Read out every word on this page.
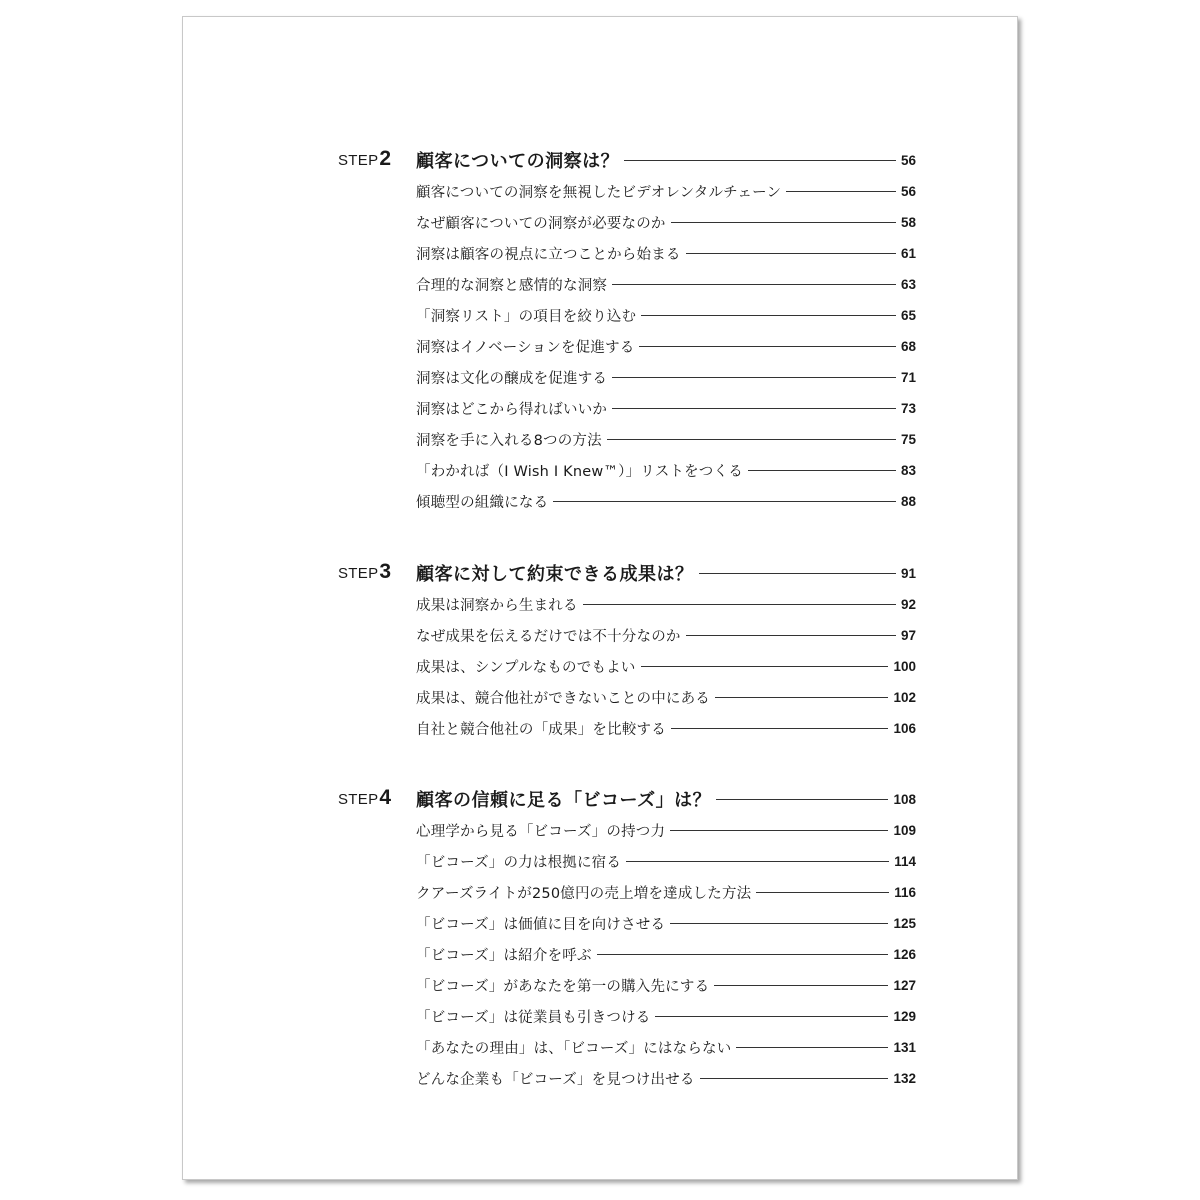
STEP 2 顧客についての洞察は？	56
顧客についての洞察を無視したビデオレンタルチェーン	56
なぜ顧客についての洞察が必要なのか	58
洞察は顧客の視点に立つことから始まる	61
合理的な洞察と感情的な洞察	63
「洞察リスト」の項目を絞り込む	65
洞察はイノベーションを促進する	68
洞察は文化の醸成を促進する	71
洞察はどこから得ればいいか	73
洞察を手に入れる8つの方法	75
「わかれば（I Wish I Knew™）」リストをつくる	83
傾聴型の組織になる	88
STEP 3 顧客に対して約束できる成果は？	91
成果は洞察から生まれる	92
なぜ成果を伝えるだけでは不十分なのか	97
成果は、シンプルなものでもよい	100
成果は、競合他社ができないことの中にある	102
自社と競合他社の「成果」を比較する	106
STEP 4 顧客の信頼に足る「ビコーズ」は？	108
心理学から見る「ビコーズ」の持つ力	109
「ビコーズ」の力は根拠に宿る	114
クアーズライトが250億円の売上増を達成した方法	116
「ビコーズ」は価値に目を向けさせる	125
「ビコーズ」は紹介を呼ぶ	126
「ビコーズ」があなたを第一の購入先にする	127
「ビコーズ」は従業員も引きつける	129
「あなたの理由」は、「ビコーズ」にはならない	131
どんな企業も「ビコーズ」を見つけ出せる	132
